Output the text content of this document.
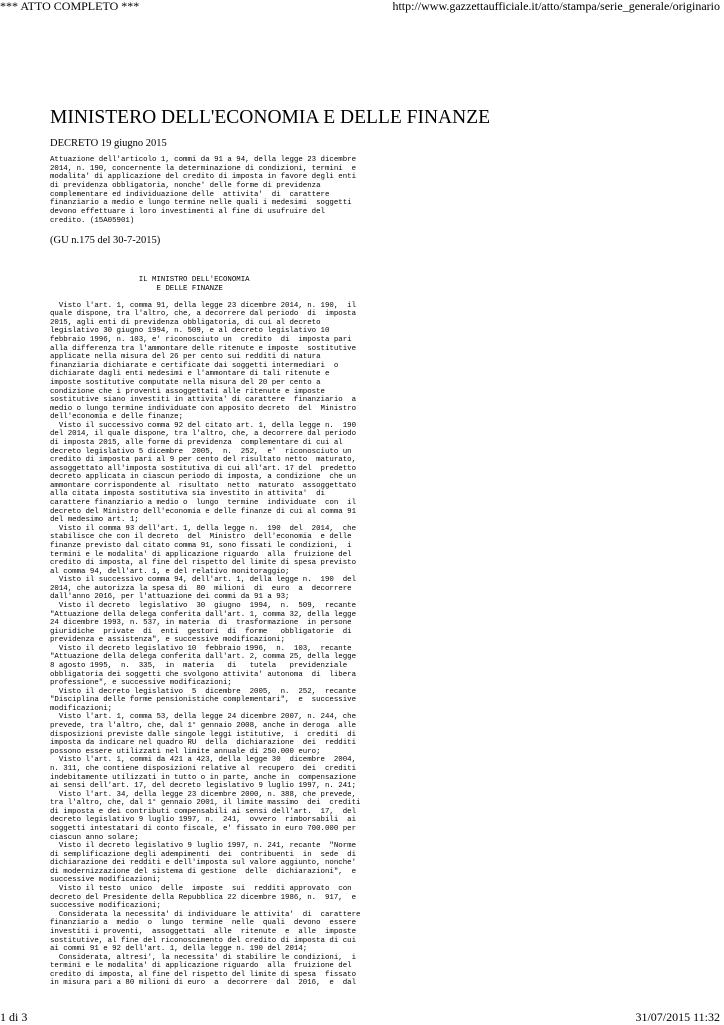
*** ATTO COMPLETO ***	http://www.gazzettaufficiale.it/atto/stampa/serie_generale/originario
MINISTERO DELL'ECONOMIA E DELLE FINANZE
DECRETO 19 giugno 2015
Attuazione dell'articolo 1, commi da 91 a 94, della legge 23 dicembre
2014, n. 190, concernente la determinazione di condizioni, termini  e
modalita' di applicazione del credito di imposta in favore degli enti
di previdenza obbligatoria, nonche' delle forme di previdenza
complementare ed individuazione delle  attivita'  di  carattere
finanziario a medio e lungo termine nelle quali i medesimi  soggetti
devono effettuare i loro investimenti al fine di usufruire del
credito. (15A05901)
(GU n.175 del 30-7-2015)
IL MINISTRO DELL'ECONOMIA
E DELLE FINANZE

Visto l'art. 1, comma 91, della legge 23 dicembre 2014, n. 190,  il
quale dispone, tra l'altro, che, a decorrere dal periodo  di  imposta
2015, agli enti di previdenza obbligatoria, di cui al decreto
legislativo 30 giugno 1994, n. 509, e al decreto legislativo 10
febbraio 1996, n. 103, e' riconosciuto un  credito  di  imposta pari
alla differenza tra l'ammontare delle ritenute e imposte  sostitutive
applicate nella misura del 26 per cento sui redditi di natura
finanziaria dichiarate e certificate dai soggetti intermediari  o
dichiarate dagli enti medesimi e l'ammontare di tali ritenute e
imposte sostitutive computate nella misura del 20 per cento a
condizione che i proventi assoggettati alle ritenute e imposte
sostitutive siano investiti in attivita' di carattere  finanziario  a
medio o lungo termine individuate con apposito decreto  del  Ministro
dell'economia e delle finanze;
Visto il successivo comma 92 del citato art. 1, della legge n.  190
del 2014, il quale dispone, tra l'altro, che, a decorrere dal periodo
di imposta 2015, alle forme di previdenza  complementare di cui al
decreto legislativo 5 dicembre  2005,  n.  252,  e'  riconosciuto un
credito di imposta pari al 9 per cento del risultato netto  maturato,
assoggettato all'imposta sostitutiva di cui all'art. 17 del  predetto
decreto applicata in ciascun periodo di imposta, a condizione  che un
ammontare corrispondente al  risultato  netto  maturato  assoggettato
alla citata imposta sostitutiva sia investito in attivita'  di
carattere finanziario a medio o  lungo  termine  individuate  con  il
decreto del Ministro dell'economia e delle finanze di cui al comma 91
del medesimo art. 1;
Visto il comma 93 dell'art. 1, della legge n.  190  del  2014,  che
stabilisce che con il decreto  del  Ministro  dell'economia  e delle
finanze previsto dal citato comma 91, sono fissati le condizioni,  i
termini e le modalita' di applicazione riguardo  alla  fruizione del
credito di imposta, al fine del rispetto del limite di spesa previsto
al comma 94, dell'art. 1, e del relativo monitoraggio;
Visto il successivo comma 94, dell'art. 1, della legge n.  190  del
2014, che autorizza la spesa di  80  milioni  di  euro  a  decorrere
dall'anno 2016, per l'attuazione dei commi da 91 a 93;
Visto il decreto  legislativo  30  giugno  1994,  n.  509,  recante
"Attuazione della delega conferita dall'art. 1, comma 32, della legge
24 dicembre 1993, n. 537, in materia  di  trasformazione  in persone
giuridiche  private  di  enti  gestori  di  forme   obbligatorie  di
previdenza e assistenza", e successive modificazioni;
Visto il decreto legislativo 10  febbraio 1996,  n.  103,  recante
"Attuazione della delega conferita dall'art. 2, comma 25, della legge
8 agosto 1995,  n.  335,  in  materia   di   tutela   previdenziale
obbligatoria dei soggetti che svolgono attivita' autonoma  di  libera
professione", e successive modificazioni;
Visto il decreto legislativo  5  dicembre  2005,  n.  252,  recante
"Disciplina delle forme pensionistiche complementari",  e  successive
modificazioni;
Visto l'art. 1, comma 53, della legge 24 dicembre 2007, n. 244, che
prevede, tra l'altro, che, dal 1° gennaio 2008, anche in deroga  alle
disposizioni previste dalle singole leggi istitutive,  i  crediti  di
imposta da indicare nel quadro RU  della  dichiarazione  dei  redditi
possono essere utilizzati nel limite annuale di 250.000 euro;
Visto l'art. 1, commi da 421 a 423, della legge 30  dicembre  2004,
n. 311, che contiene disposizioni relative al  recupero  dei  crediti
indebitamente utilizzati in tutto o in parte, anche in  compensazione
ai sensi dell'art. 17, del decreto legislativo 9 luglio 1997, n. 241;
Visto l'art. 34, della legge 23 dicembre 2000, n. 388, che prevede,
tra l'altro, che, dal 1° gennaio 2001, il limite massimo  dei  crediti
di imposta e dei contributi compensabili ai sensi dell'art.  17,  del
decreto legislativo 9 luglio 1997, n.  241,  ovvero  rimborsabili  ai
soggetti intestatari di conto fiscale, e' fissato in euro 700.000 per
ciascun anno solare;
Visto il decreto legislativo 9 luglio 1997, n. 241, recante  "Norme
di semplificazione degli adempimenti  dei  contribuenti  in  sede  di
dichiarazione dei redditi e dell'imposta sul valore aggiunto, nonche'
di modernizzazione del sistema di gestione  delle  dichiarazioni",  e
successive modificazioni;
Visto il testo  unico  delle  imposte  sui  redditi approvato  con
decreto del Presidente della Repubblica 22 dicembre 1986, n.  917,  e
successive modificazioni;
Considerata la necessita' di individuare le attivita'  di  carattere
finanziario a  medio  o  lungo  termine  nelle  quali  devono  essere
investiti i proventi,  assoggettati  alle  ritenute  e  alle  imposte
sostitutive, al fine del riconoscimento del credito di imposta di cui
ai commi 91 e 92 dell'art. 1, della legge n. 190 del 2014;
Considerata, altresi', la necessita' di stabilire le condizioni,  i
termini e le modalita' di applicazione riguardo  alla  fruizione del
credito di imposta, al fine del rispetto del limite di spesa  fissato
in misura pari a 80 milioni di euro  a  decorrere  dal  2016,  e  dal
1 di 3	31/07/2015 11:32
